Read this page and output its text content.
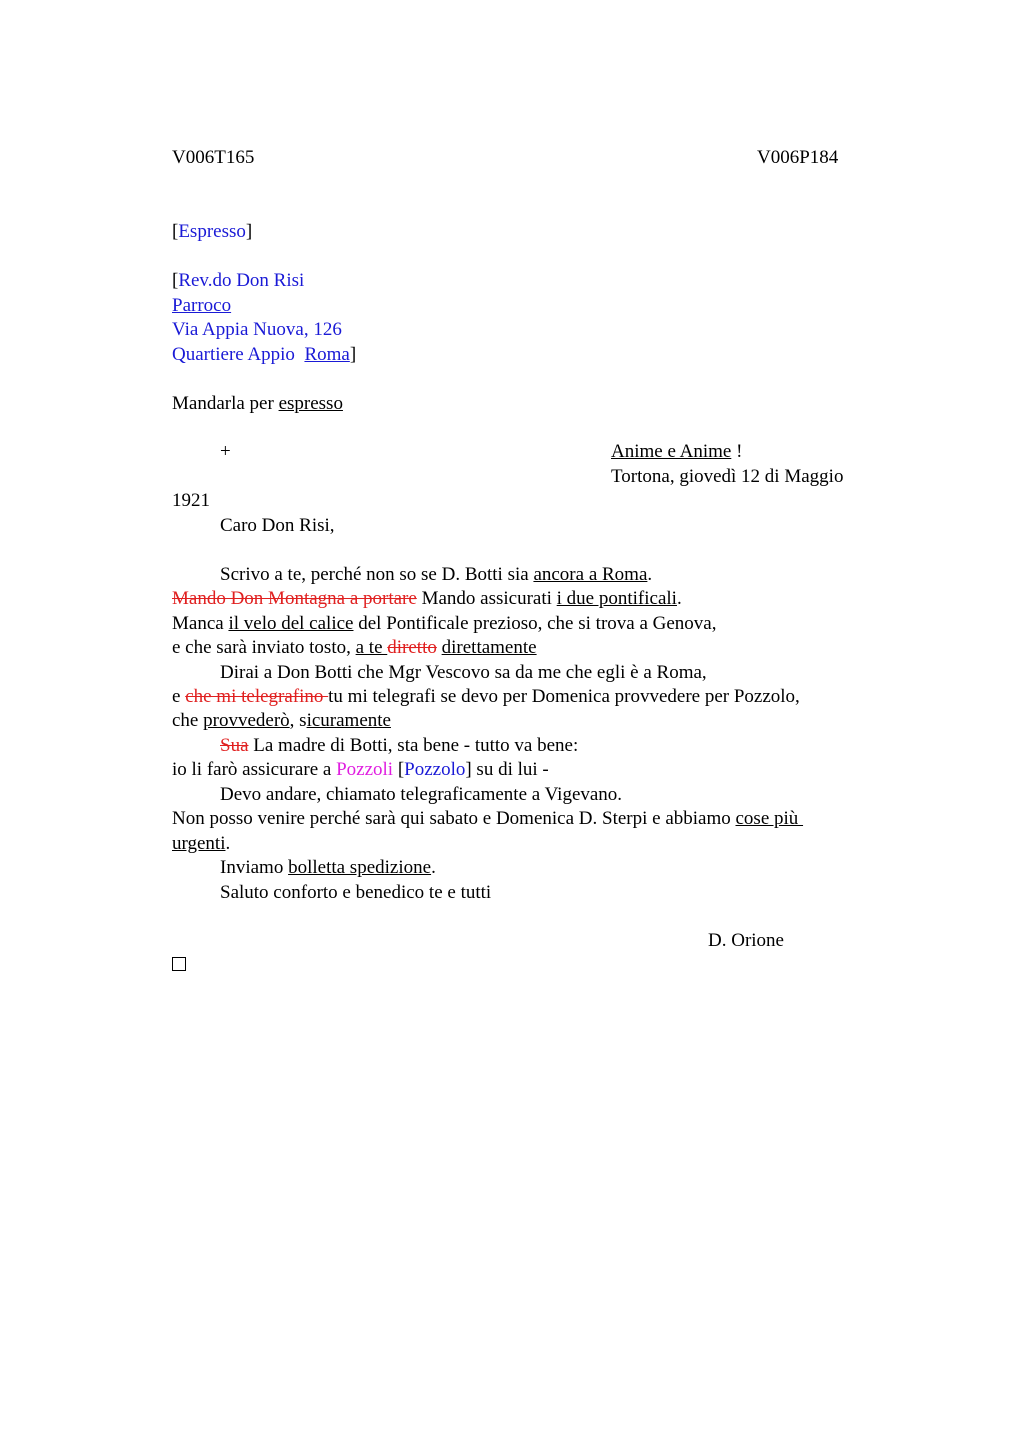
V006T165	V006P184
[Espresso]
[Rev.do Don Risi
Parroco
Via Appia Nuova, 126
Quartiere Appio  Roma]
Mandarla per espresso
+	Anime e Anime !
Tortona, giovedì 12 di Maggio
1921
Caro Don Risi,
Scrivo a te, perché non so se D. Botti sia ancora a Roma.
Mando Don Montagna a portare Mando assicurati i due pontificali.
Manca il velo del calice del Pontificale prezioso, che si trova a Genova,
e che sarà inviato tosto, a te diretto direttamente
Dirai a Don Botti che Mgr Vescovo sa da me che egli è a Roma,
e che mi telegrafino tu mi telegrafi se devo per Domenica provvedere per Pozzolo,
che provvederò, sicuramente
Sua La madre di Botti, sta bene - tutto va bene:
io li farò assicurare a Pozzoli [Pozzolo] su di lui -
Devo andare, chiamato telegraficamente a Vigevano.
Non posso venire perché sarà qui sabato e Domenica D. Sterpi e abbiamo cose più
urgenti.
Inviamo bolletta spedizione.
Saluto conforto e benedico te e tutti
D. Orione
